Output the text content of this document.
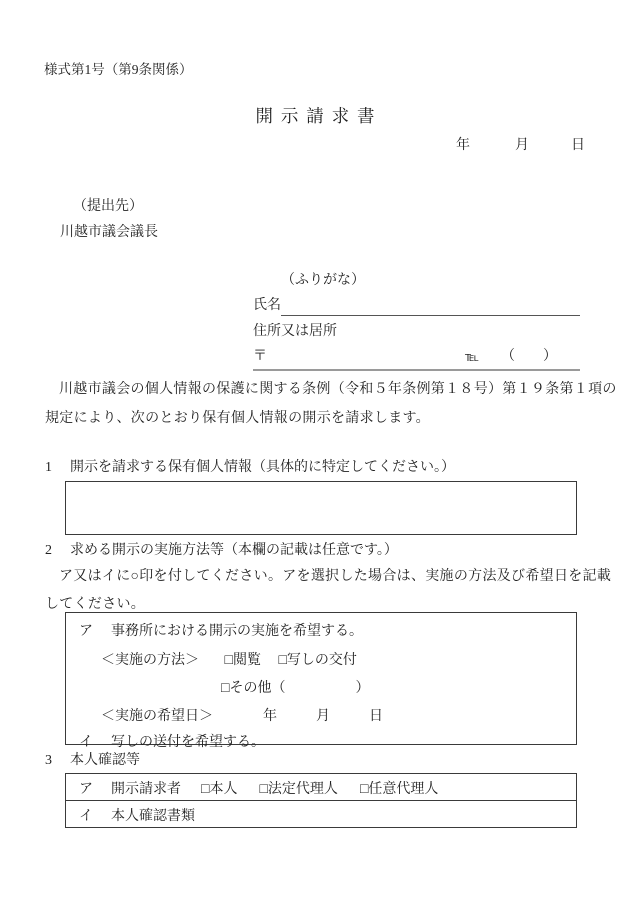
様式第1号（第9条関係）
開示請求書
年	月	日
（提出先）
川越市議会議長
（ふりがな）
氏名
住所又は居所
〒	℡ （　　）
川越市議会の個人情報の保護に関する条例（令和５年条例第１８号）第１９条第１項の
規定により、次のとおり保有個人情報の開示を請求します。
1	開示を請求する保有個人情報（具体的に特定してください。）
2	求める開示の実施方法等（本欄の記載は任意です。）
ア又はイに○印を付してください。アを選択した場合は、実施の方法及び希望日を記載
してください。
ア 事務所における開示の実施を希望する。
＜実施の方法＞ □閲覧 □写しの交付
□その他（　　　　　）
＜実施の希望日＞	年	月	日
イ 写しの送付を希望する。
3	本人確認等
ア	開示請求者 □本人 □法定代理人 □任意代理人
イ	本人確認書類
